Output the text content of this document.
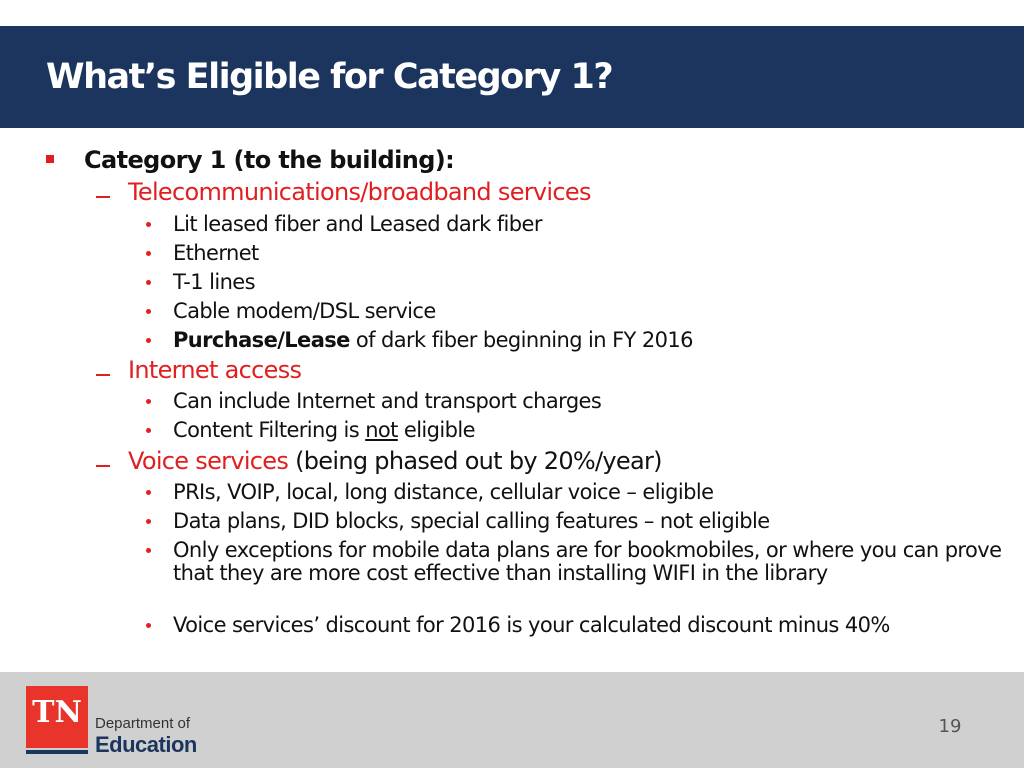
What’s Eligible for Category 1?
Category 1 (to the building):
Telecommunications/broadband services
Lit leased fiber and Leased dark fiber
Ethernet
T-1 lines
Cable modem/DSL service
Purchase/Lease of dark fiber beginning in FY 2016
Internet access
Can include Internet and transport charges
Content Filtering is not eligible
Voice services (being phased out by 20%/year)
PRIs, VOIP, local, long distance, cellular voice – eligible
Data plans, DID blocks, special calling features – not eligible
Only exceptions for mobile data plans are for bookmobiles, or where you can prove that they are more cost effective than installing WIFI in the library
Voice services’ discount for 2016 is your calculated discount minus 40%
TN Department of
Education
19
